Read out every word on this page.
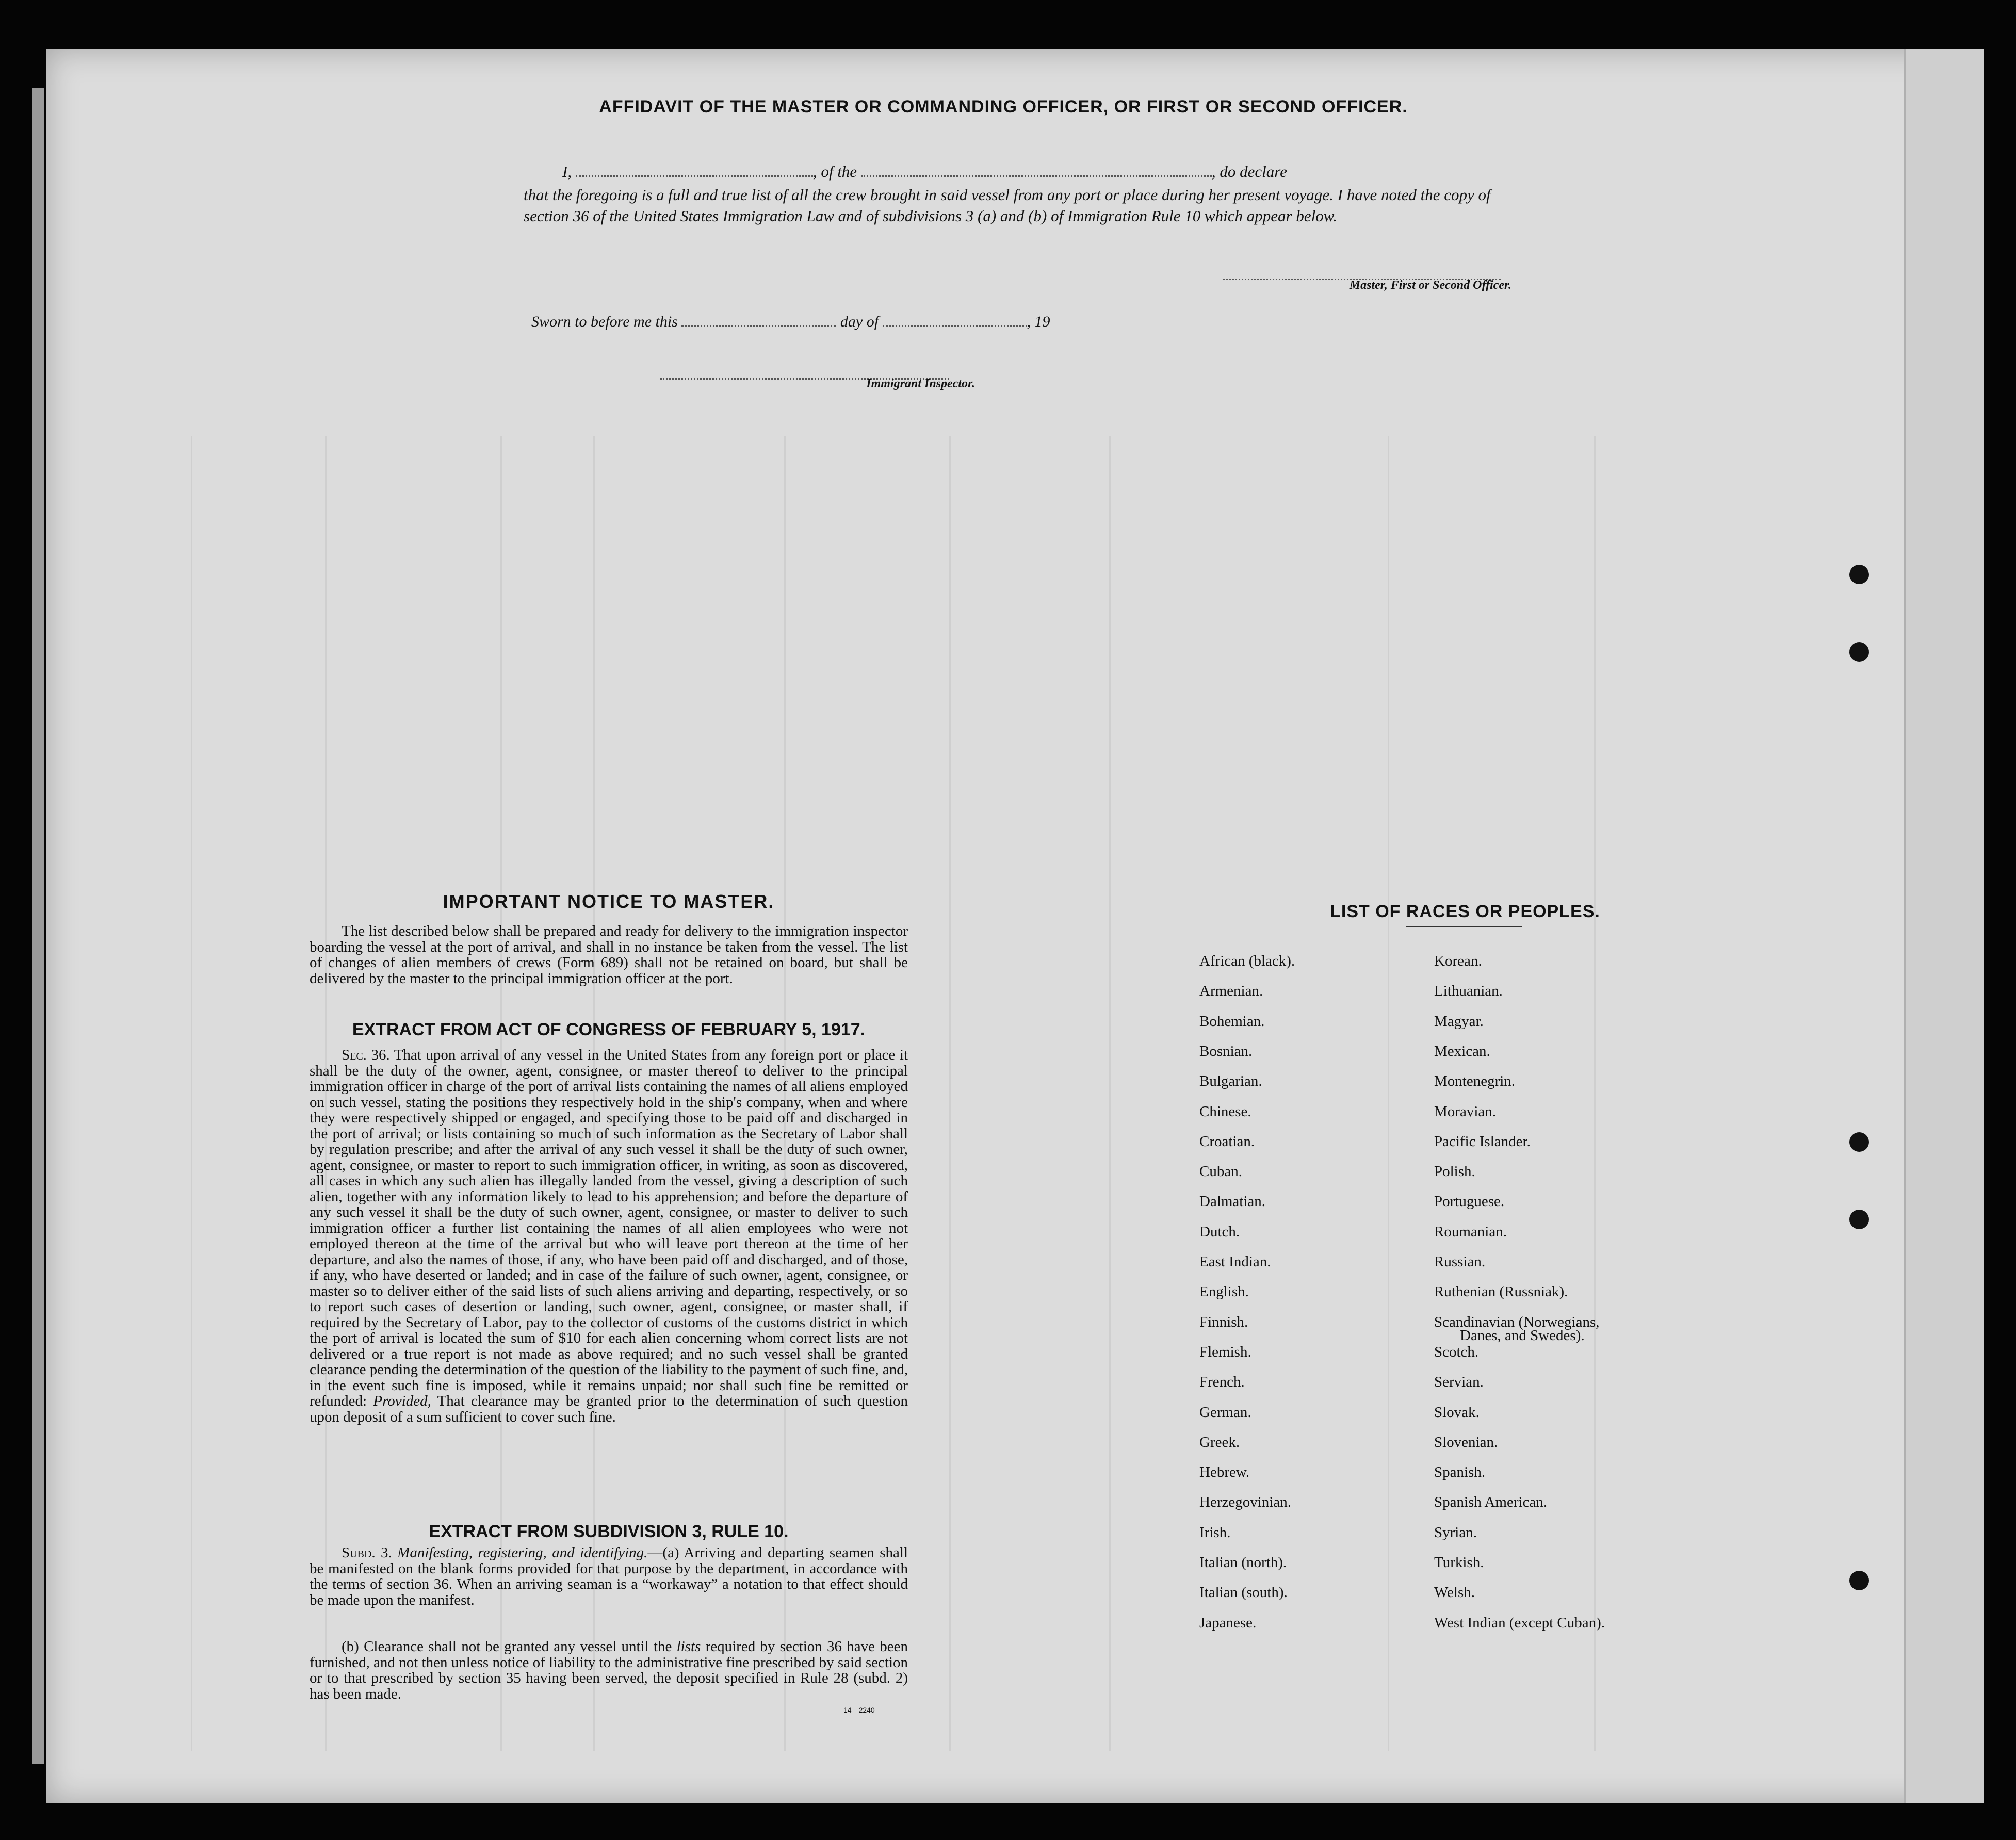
AFFIDAVIT OF THE MASTER OR COMMANDING OFFICER, OR FIRST OR SECOND OFFICER.
I,	, of the	, do declare

that the foregoing is a full and true list of all the crew brought in said vessel from any port or place during her present voyage. I have noted the copy of section 36 of the United States Immigration Law and of subdivisions 3 (a) and (b) of Immigration Rule 10 which appear below.

Master, First or Second Officer.
Sworn to before me this	day of	, 19
Immigrant Inspector.
IMPORTANT NOTICE TO MASTER.

The list described below shall be prepared and ready for delivery to the immigration inspector boarding the vessel at the port of arrival, and shall in no instance be taken from the vessel. The list of changes of alien members of crews (Form 689) shall not be retained on board, but shall be delivered by the master to the principal immigration officer at the port.

EXTRACT FROM ACT OF CONGRESS OF FEBRUARY 5, 1917.

Sec. 36. That upon arrival of any vessel in the United States from any foreign port or place it shall be the duty of the owner, agent, consignee, or master thereof to deliver to the principal immigration officer in charge of the port of arrival lists containing the names of all aliens employed on such vessel, stating the positions they respectively hold in the ship's company, when and where they were respectively shipped or engaged, and specifying those to be paid off and discharged in the port of arrival; or lists containing so much of such information as the Secretary of Labor shall by regulation prescribe; and after the arrival of any such vessel it shall be the duty of such owner, agent, consignee, or master to report to such immigration officer, in writing, as soon as discovered, all cases in which any such alien has illegally landed from the vessel, giving a description of such alien, together with any information likely to lead to his apprehension; and before the departure of any such vessel it shall be the duty of such owner, agent, consignee, or master to deliver to such immigration officer a further list containing the names of all alien employees who were not employed thereon at the time of the arrival but who will leave port thereon at the time of her departure, and also the names of those, if any, who have been paid off and discharged, and of those, if any, who have deserted or landed; and in case of the failure of such owner, agent, consignee, or master so to deliver either of the said lists of such aliens arriving and departing, respectively, or so to report such cases of desertion or landing, such owner, agent, consignee, or master shall, if required by the Secretary of Labor, pay to the collector of customs of the customs district in which the port of arrival is located the sum of $10 for each alien concerning whom correct lists are not delivered or a true report is not made as above required; and no such vessel shall be granted clearance pending the determination of the question of the liability to the payment of such fine, and, in the event such fine is imposed, while it remains unpaid; nor shall such fine be remitted or refunded: Provided, That clearance may be granted prior to the determination of such question upon deposit of a sum sufficient to cover such fine.

EXTRACT FROM SUBDIVISION 3, RULE 10.

Subd. 3. Manifesting, registering, and identifying.—(a) Arriving and departing seamen shall be manifested on the blank forms provided for that purpose by the department, in accordance with the terms of section 36. When an arriving seaman is a “workaway” a notation to that effect should be made upon the manifest.

(b) Clearance shall not be granted any vessel until the lists required by section 36 have been furnished, and not then unless notice of liability to the administrative fine prescribed by said section or to that prescribed by section 35 having been served, the deposit specified in Rule 28 (subd. 2) has been made.

14—2240
LIST OF RACES OR PEOPLES.
African (black).
Armenian.
Bohemian.
Bosnian.
Bulgarian.
Chinese.
Croatian.
Cuban.
Dalmatian.
Dutch.
East Indian.
English.
Finnish.
Flemish.
French.
German.
Greek.
Hebrew.
Herzegovinian.
Irish.
Italian (north).
Italian (south).
Japanese.
Korean.
Lithuanian.
Magyar.
Mexican.
Montenegrin.
Moravian.
Pacific Islander.
Polish.
Portuguese.
Roumanian.
Russian.
Ruthenian (Russniak).
Scandinavian (Norwegians,
Danes, and Swedes).
Scotch.
Servian.
Slovak.
Slovenian.
Spanish.
Spanish American.
Syrian.
Turkish.
Welsh.
West Indian (except Cuban).
